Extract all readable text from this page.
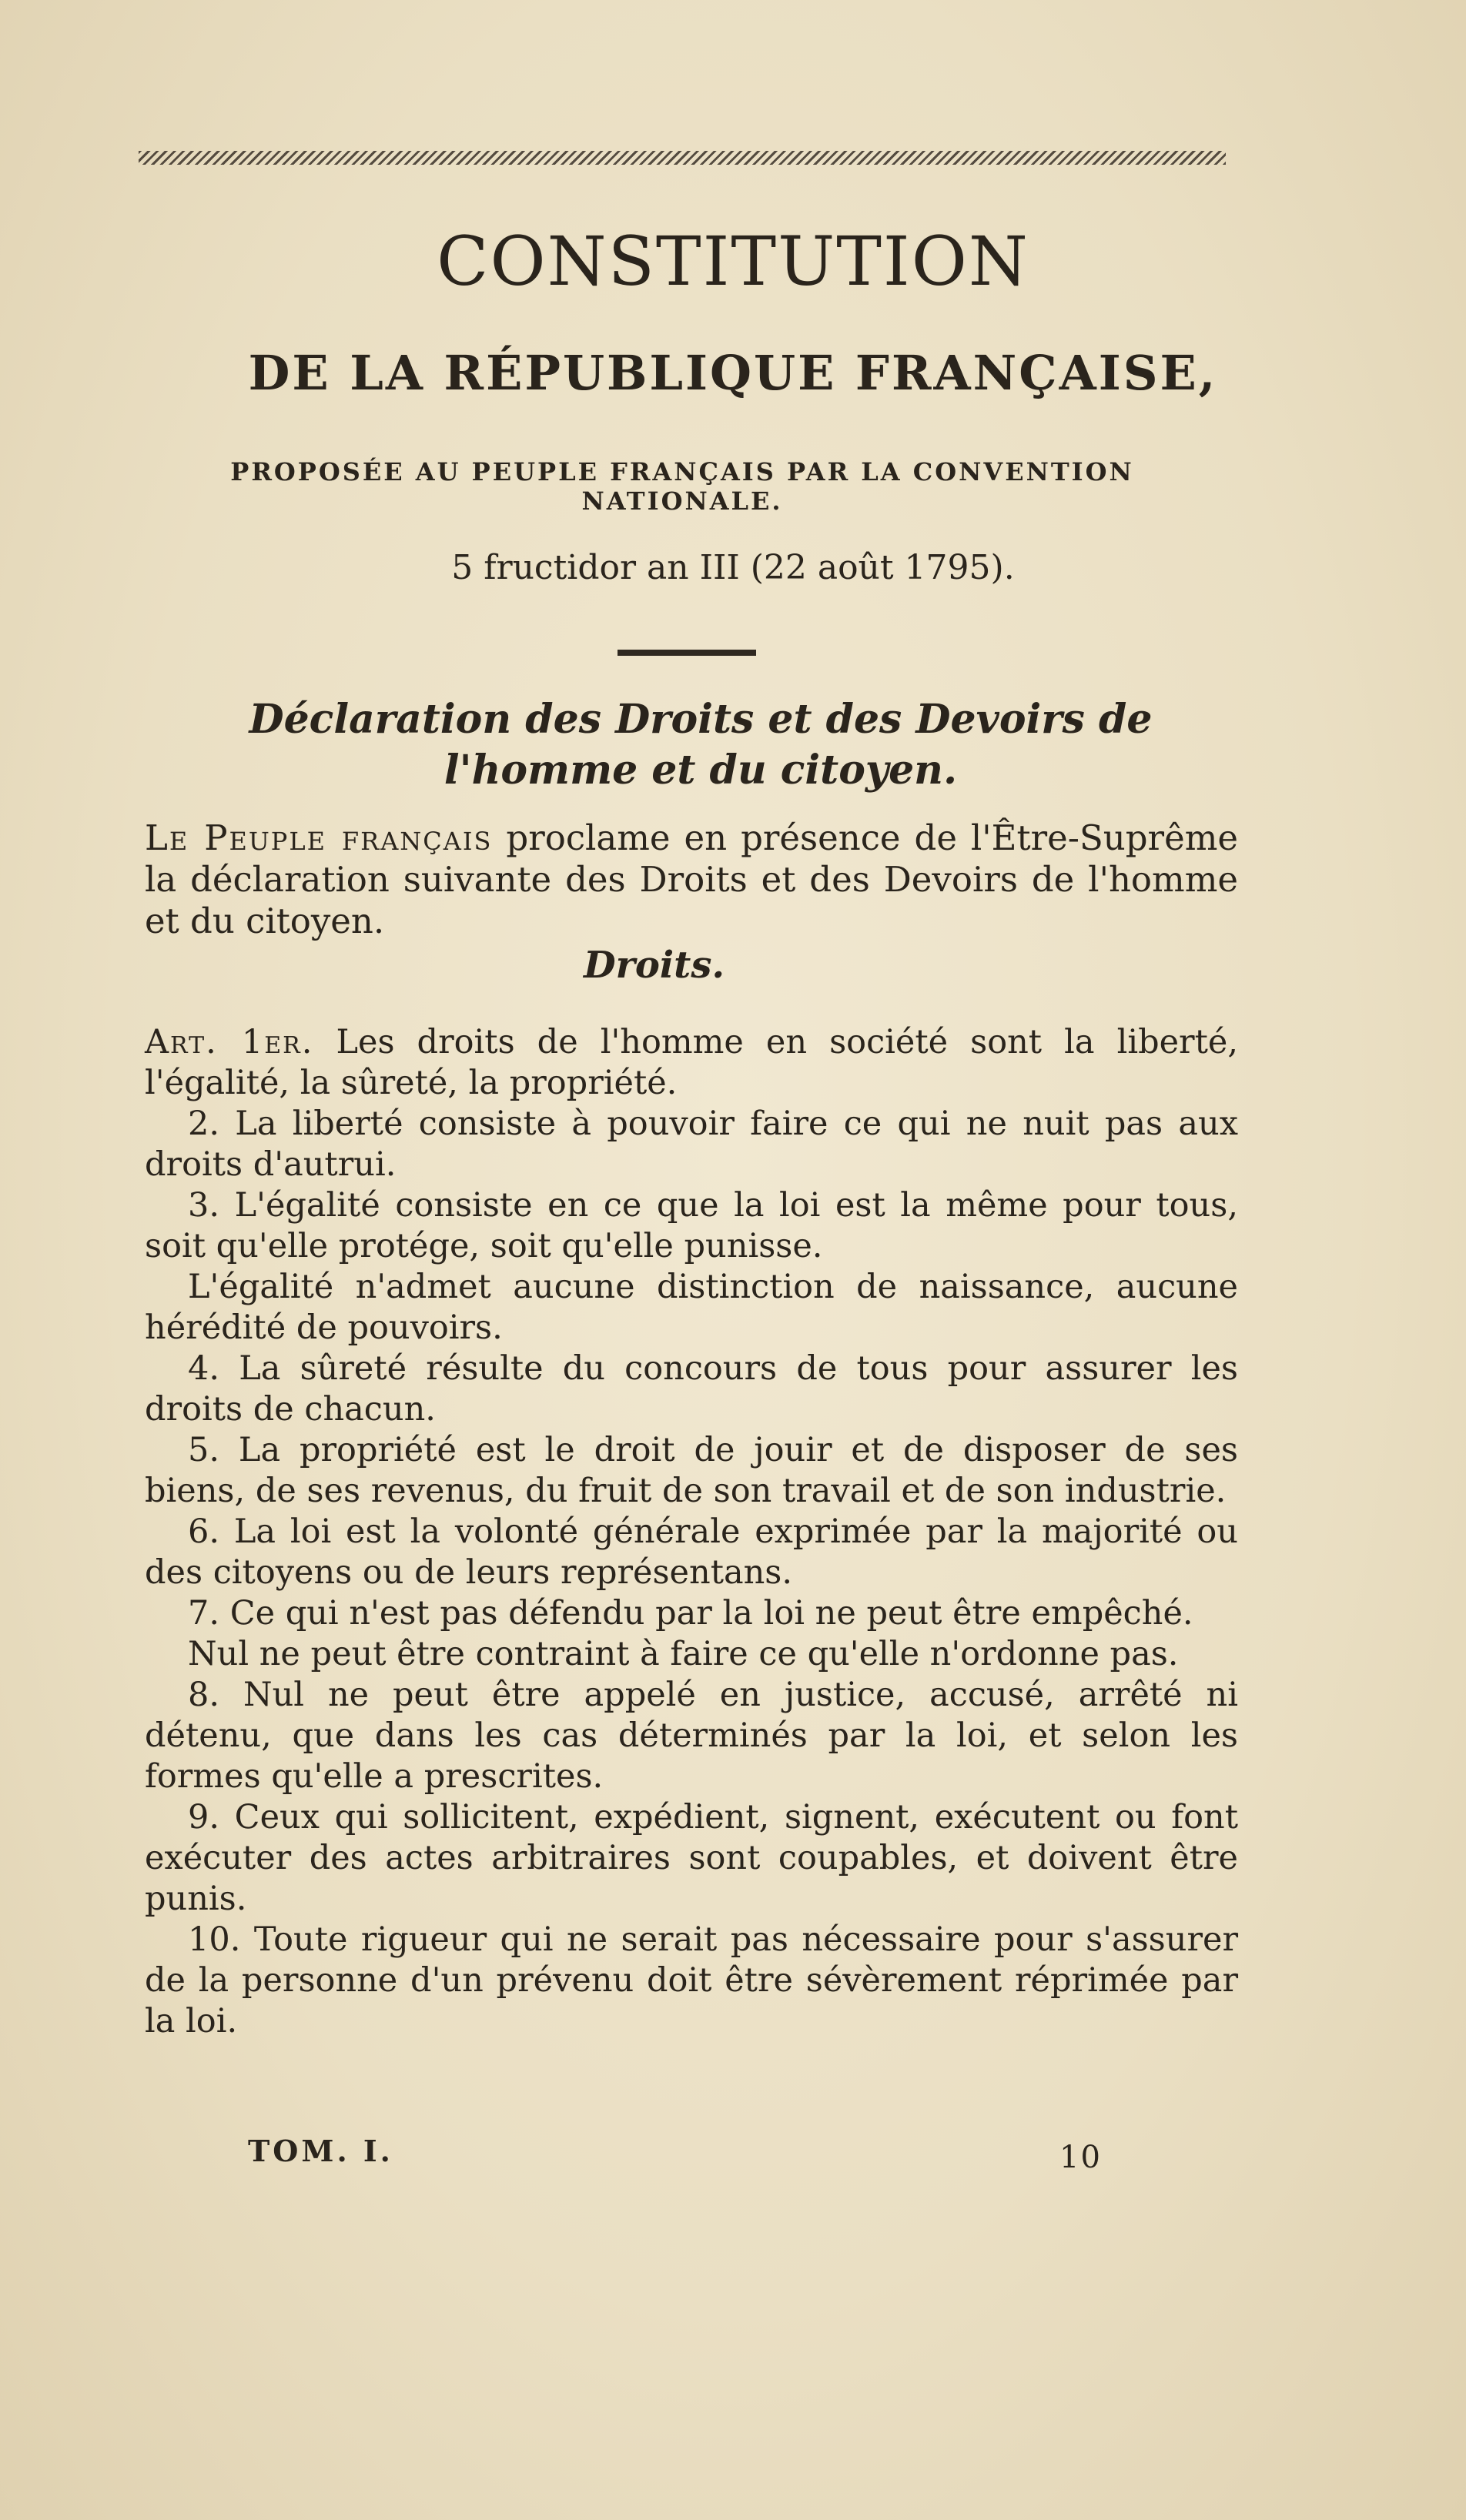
CONSTITUTION
DE LA RÉPUBLIQUE FRANÇAISE,

PROPOSÉE AU PEUPLE FRANÇAIS PAR LA CONVENTION NATIONALE.

5 fructidor an III (22 août 1795).

Déclaration des Droits et des Devoirs de l'homme et du citoyen.

Le Peuple français proclame en présence de l'Être-Suprême la déclaration suivante des Droits et des Devoirs de l'homme et du citoyen.

Droits.

Art. 1er. Les droits de l'homme en société sont la liberté, l'égalité, la sûreté, la propriété.

2. La liberté consiste à pouvoir faire ce qui ne nuit pas aux droits d'autrui.

3. L'égalité consiste en ce que la loi est la même pour tous, soit qu'elle protége, soit qu'elle punisse.

L'égalité n'admet aucune distinction de naissance, aucune hérédité de pouvoirs.

4. La sûreté résulte du concours de tous pour assurer les droits de chacun.

5. La propriété est le droit de jouir et de disposer de ses biens, de ses revenus, du fruit de son travail et de son industrie.

6. La loi est la volonté générale exprimée par la majorité ou des citoyens ou de leurs représentans.

7. Ce qui n'est pas défendu par la loi ne peut être empêché.

Nul ne peut être contraint à faire ce qu'elle n'ordonne pas.

8. Nul ne peut être appelé en justice, accusé, arrêté ni détenu, que dans les cas déterminés par la loi, et selon les formes qu'elle a prescrites.

9. Ceux qui sollicitent, expédient, signent, exécutent ou font exécuter des actes arbitraires sont coupables, et doivent être punis.

10. Toute rigueur qui ne serait pas nécessaire pour s'assurer de la personne d'un prévenu doit être sévèrement réprimée par la loi.

TOM. I.	10
